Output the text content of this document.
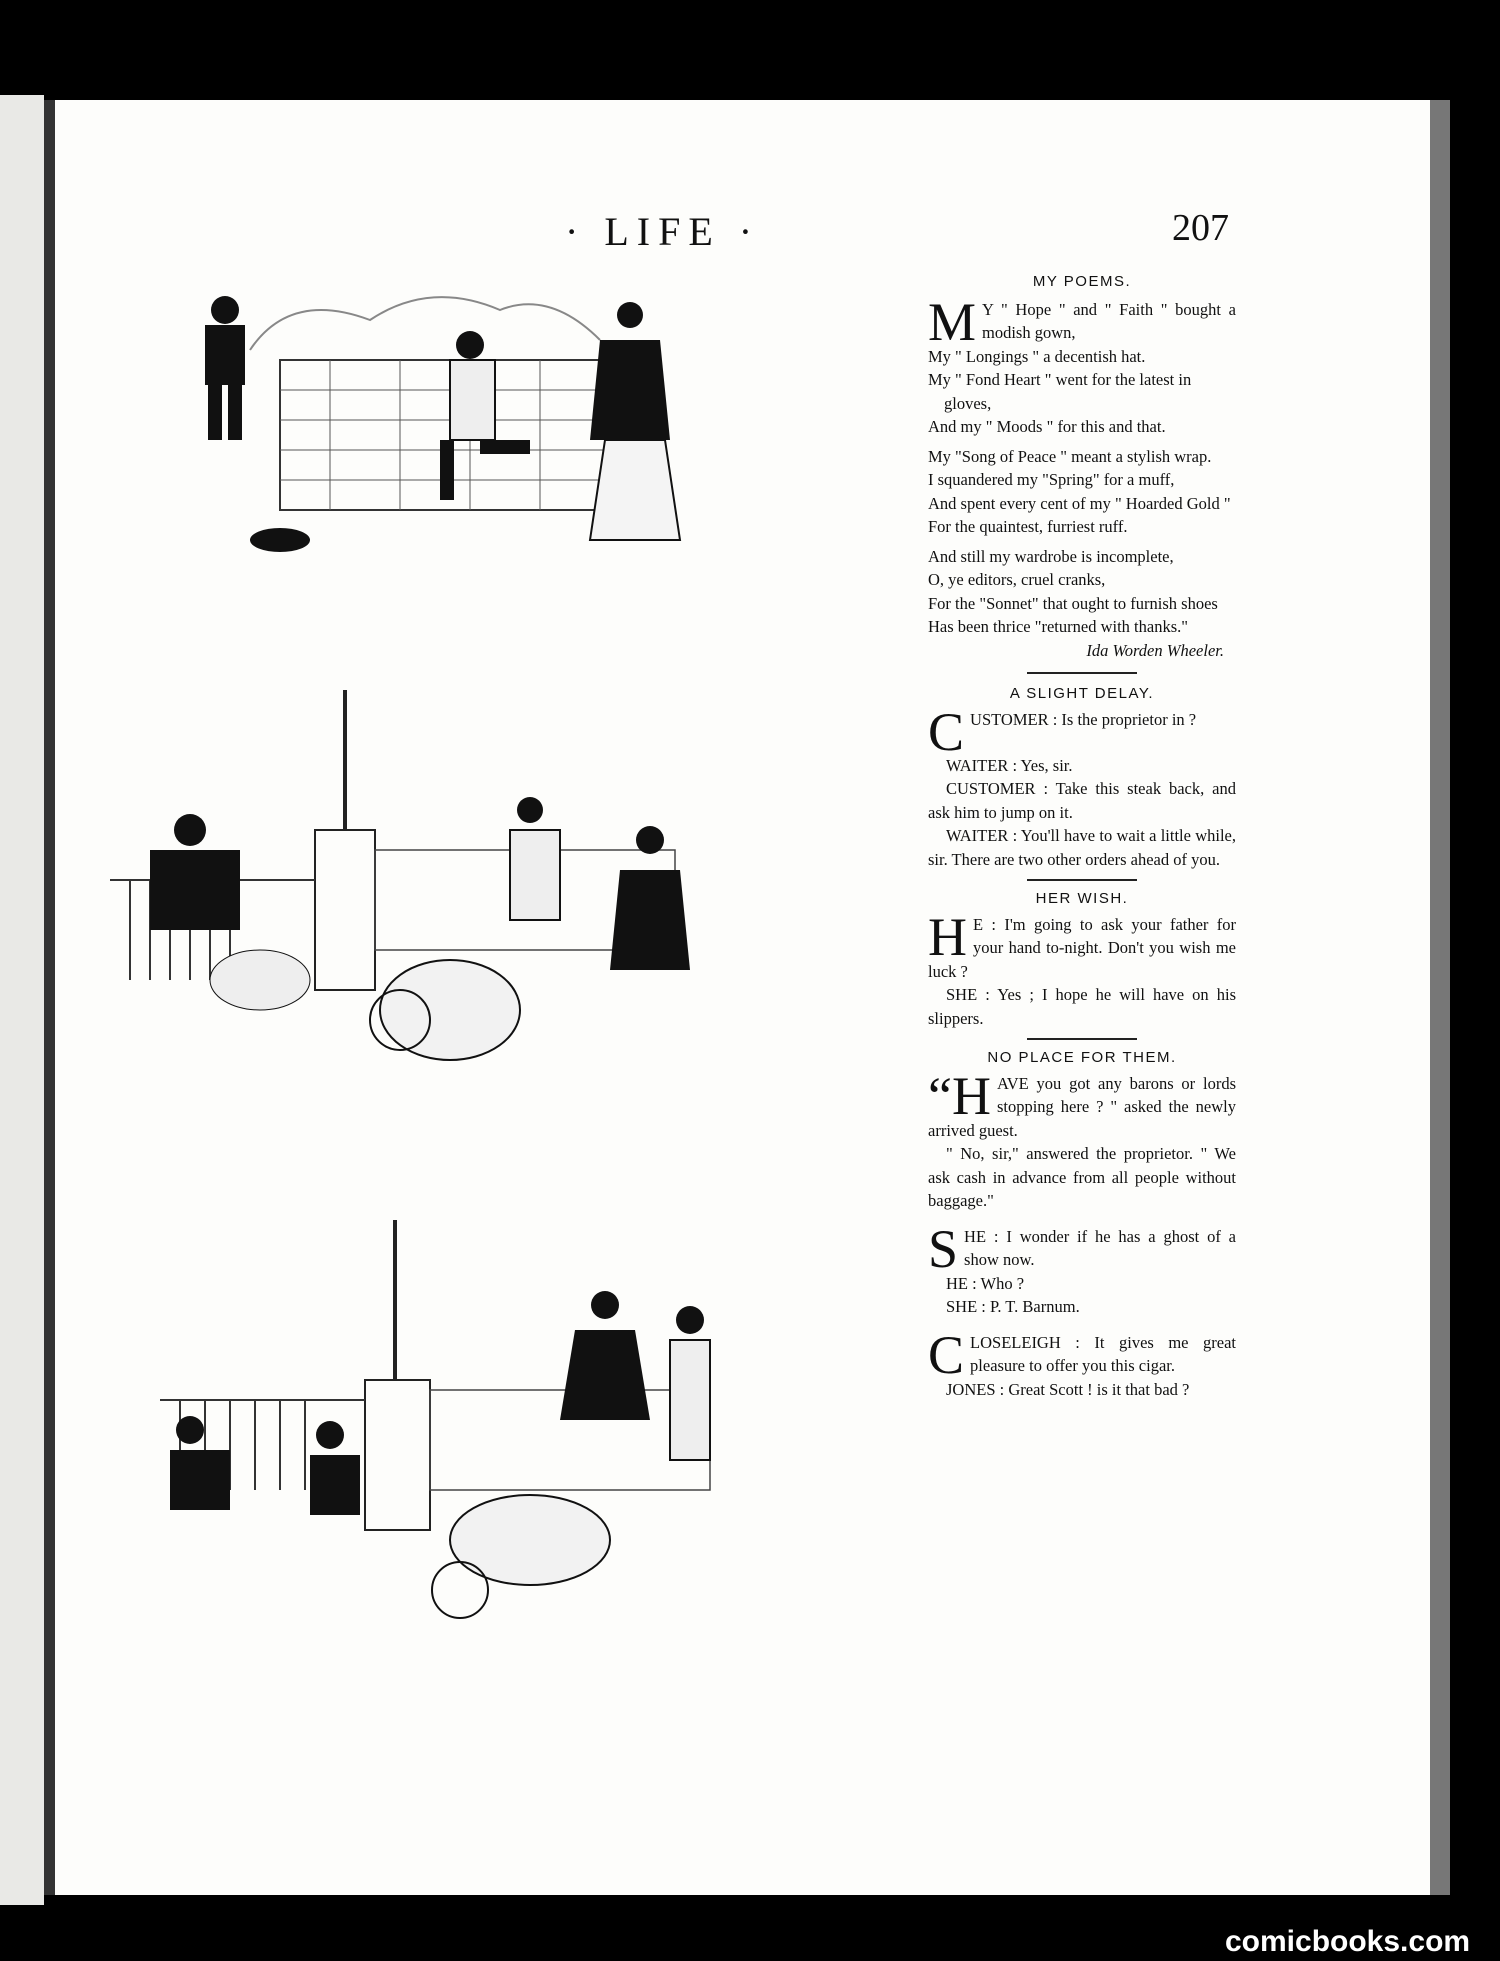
· LIFE ·	207
MY POEMS.

M Y " Hope " and " Faith " bought a modish gown,

My " Longings " a decentish hat.

My " Fond Heart " went for the latest in gloves,

And my " Moods " for this and that.

My "Song of Peace " meant a stylish wrap.

I squandered my "Spring" for a muff,

And spent every cent of my " Hoarded Gold "

For the quaintest, furriest ruff.

And still my wardrobe is incomplete,

O, ye editors, cruel cranks,

For the "Sonnet" that ought to furnish shoes

Has been thrice "returned with thanks."

Ida Worden Wheeler.

A SLIGHT DELAY.

C USTOMER : Is the proprietor in ?

WAITER : Yes, sir.

CUSTOMER : Take this steak back, and ask him to jump on it.

WAITER : You'll have to wait a little while, sir. There are two other orders ahead of you.

HER WISH.

H E : I'm going to ask your father for your hand to-night. Don't you wish me luck ?

SHE : Yes ; I hope he will have on his slippers.

NO PLACE FOR THEM.

“H AVE you got any barons or lords stopping here ? " asked the newly arrived guest.

" No, sir," answered the proprietor. " We ask cash in advance from all people without baggage."

S HE : I wonder if he has a ghost of a show now.

HE : Who ?

SHE : P. T. Barnum.

C LOSELEIGH : It gives me great pleasure to offer you this cigar.

JONES : Great Scott ! is it that bad ?

comicbooks.com
